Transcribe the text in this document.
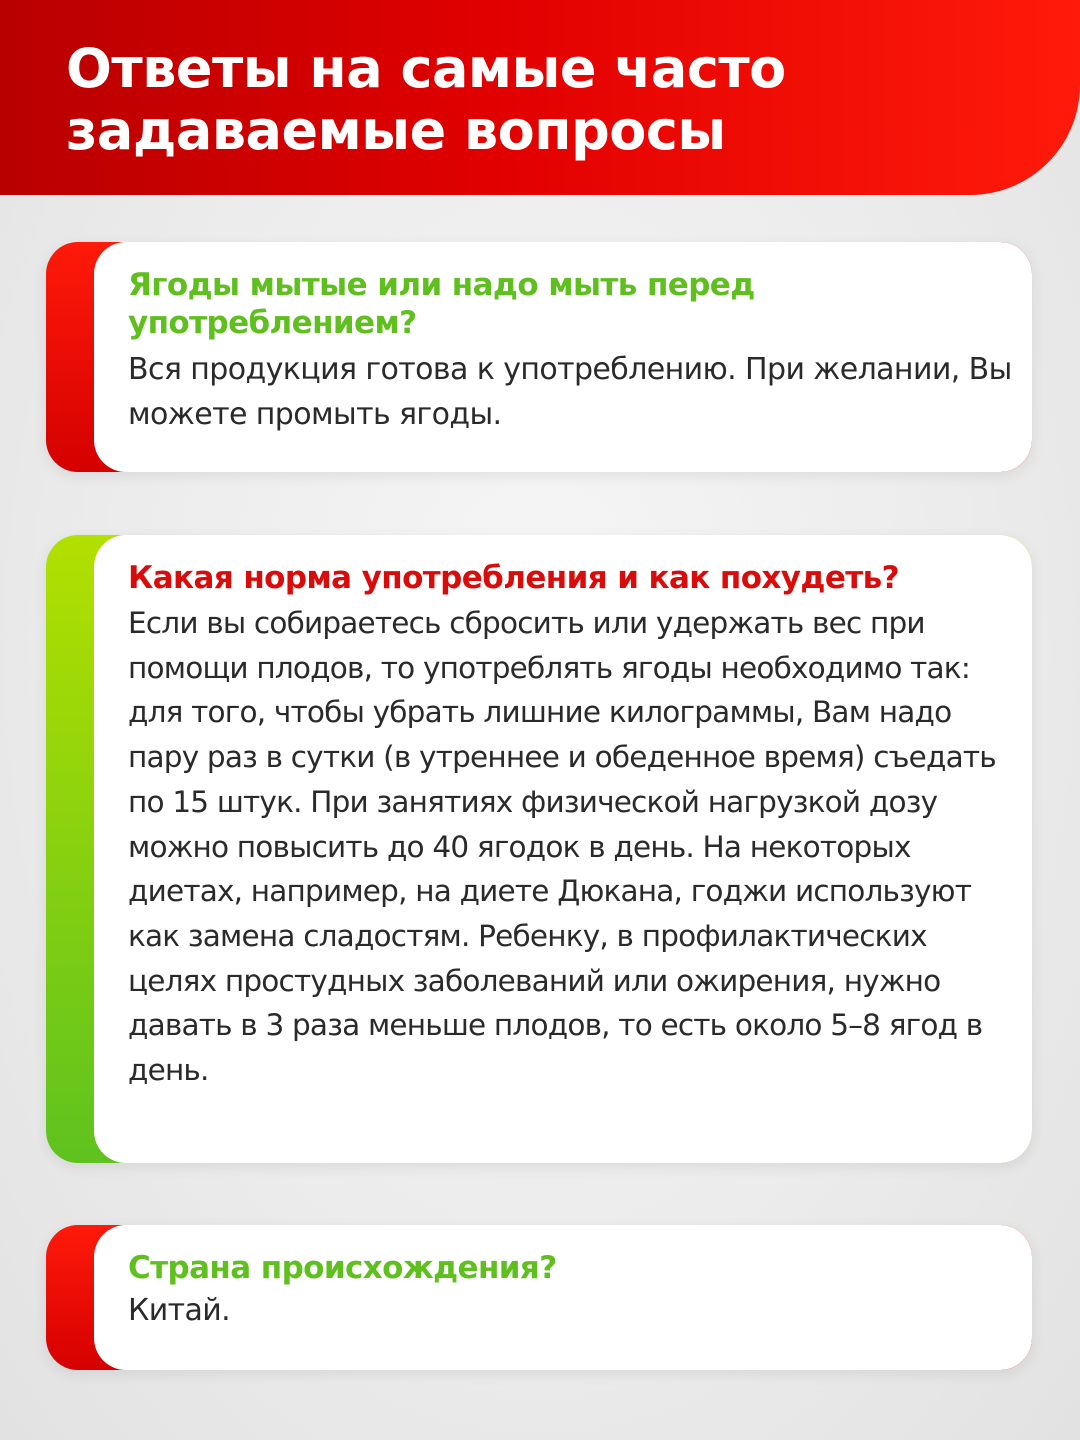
Ответы на самые часто
задаваемые вопросы

Ягоды мытые или надо мыть перед употреблением?

Вся продукция готова к употреблению. При желании, Вы можете промыть ягоды.

Какая норма употребления и как похудеть?

Если вы собираетесь сбросить или удержать вес при помощи плодов, то употреблять ягоды необходимо так: для того, чтобы убрать лишние килограммы, Вам надо пару раз в сутки (в утреннее и обеденное время) съедать по 15 штук. При занятиях физической нагрузкой дозу можно повысить до 40 ягодок в день. На некоторых диетах, например, на диете Дюкана, годжи используют как замена сладостям. Ребенку, в профилактических целях простудных заболеваний или ожирения, нужно давать в 3 раза меньше плодов, то есть около 5–8 ягод в день.

Страна происхождения?

Китай.
